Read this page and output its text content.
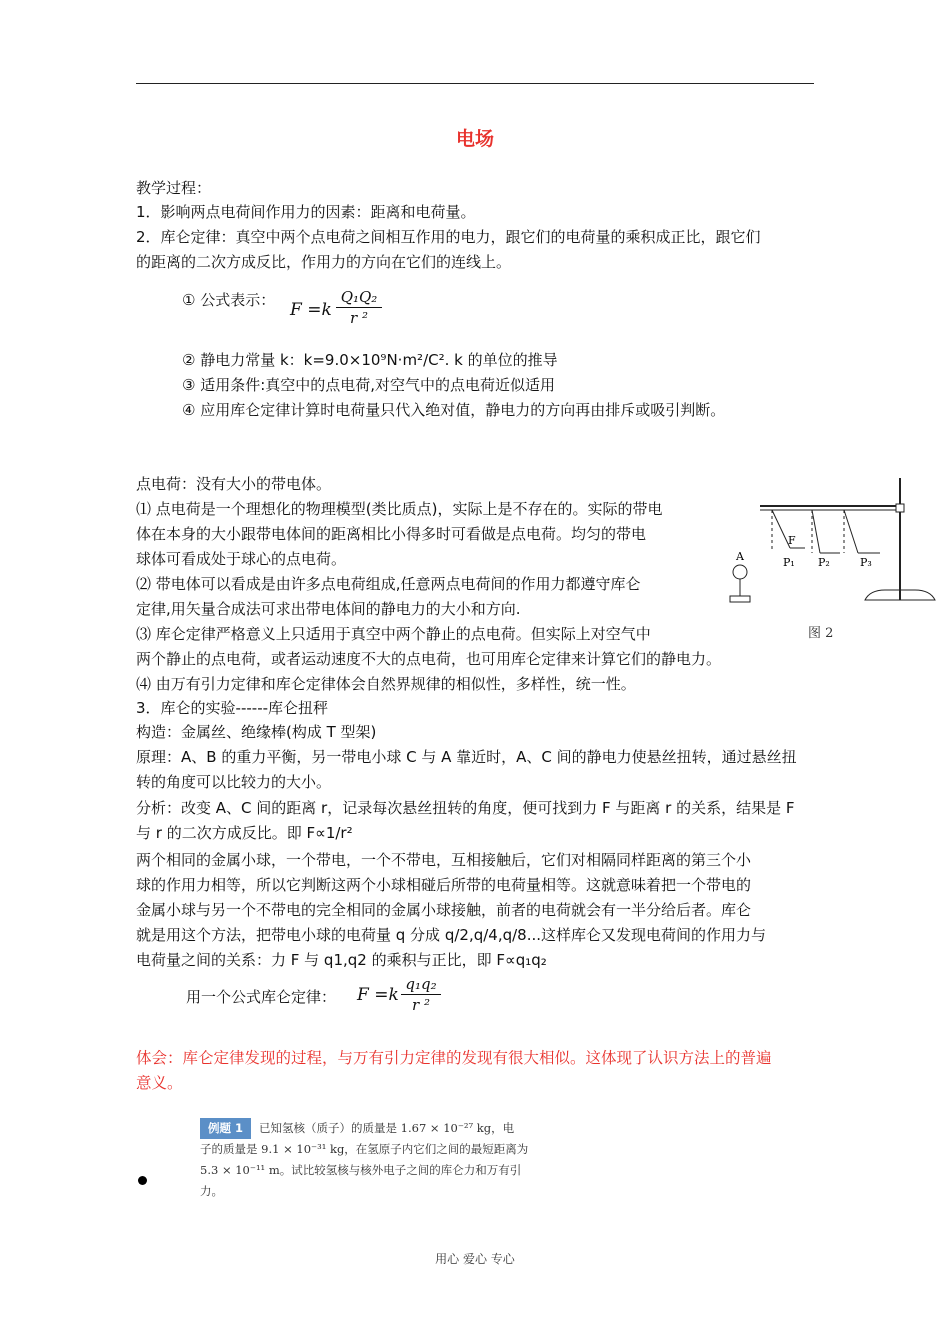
电场
教学过程：
1．影响两点电荷间作用力的因素：距离和电荷量。
2．库仑定律：真空中两个点电荷之间相互作用的电力，跟它们的电荷量的乘积成正比，跟它们
的距离的二次方成反比，作用力的方向在它们的连线上。
① 公式表示： F =k
Q₁Q₂
r ²
② 静电力常量 k：k=9.0×10⁹N·m²/C². k 的单位的推导
③ 适用条件:真空中的点电荷,对空气中的点电荷近似适用
④ 应用库仑定律计算时电荷量只代入绝对值，静电力的方向再由排斥或吸引判断。
点电荷：没有大小的带电体。
⑴ 点电荷是一个理想化的物理模型(类比质点)，实际上是不存在的。实际的带电
体在本身的大小跟带电体间的距离相比小得多时可看做是点电荷。均匀的带电
球体可看成处于球心的点电荷。
⑵ 带电体可以看成是由许多点电荷组成,任意两点电荷间的作用力都遵守库仑
定律,用矢量合成法可求出带电体间的静电力的大小和方向.
⑶ 库仑定律严格意义上只适用于真空中两个静止的点电荷。但实际上对空气中
两个静止的点电荷，或者运动速度不大的点电荷，也可用库仑定律来计算它们的静电力。
⑷ 由万有引力定律和库仑定律体会自然界规律的相似性，多样性，统一性。
3．库仑的实验------库仑扭秤
构造：金属丝、绝缘棒(构成 T 型架)
原理：A、B 的重力平衡，另一带电小球 C 与 A 靠近时，A、C 间的静电力使悬丝扭转，通过悬丝扭
转的角度可以比较力的大小。
分析：改变 A、C 间的距离 r，记录每次悬丝扭转的角度，便可找到力 F 与距离 r 的关系，结果是 F
与 r 的二次方成反比。即 F∝1/r²
两个相同的金属小球，一个带电，一个不带电，互相接触后，它们对相隔同样距离的第三个小
球的作用力相等，所以它判断这两个小球相碰后所带的电荷量相等。这就意味着把一个带电的
金属小球与另一个不带电的完全相同的金属小球接触，前者的电荷就会有一半分给后者。库仑
就是用这个方法，把带电小球的电荷量 q 分成 q/2,q/4,q/8...这样库仑又发现电荷间的作用力与
电荷量之间的关系：力 F 与 q1,q2 的乘积与正比，即 F∝q₁q₂
用一个公式库仑定律： F =k
q₁q₂
r ²
体会：库仑定律发现的过程，与万有引力定律的发现有很大相似。这体现了认识方法上的普遍
意义。
A
F
P₁ P₂	P₃
图 2
例题 1 已知氢核（质子）的质量是 1.67 × 10⁻²⁷ kg，电
子的质量是 9.1 × 10⁻³¹ kg，在氢原子内它们之间的最短距离为
5.3 × 10⁻¹¹ m。试比较氢核与核外电子之间的库仑力和万有引力。
用心 爱心 专心
